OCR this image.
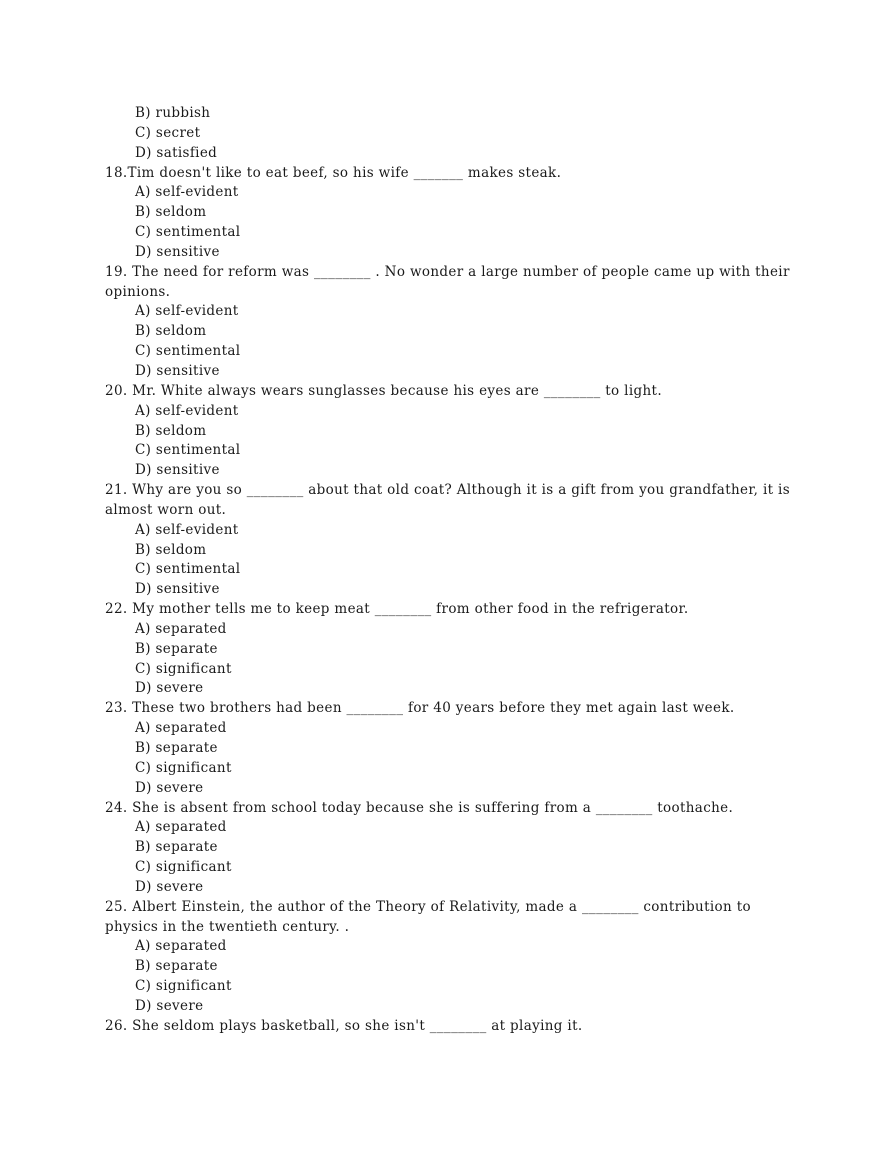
B) rubbish
C) secret
D) satisfied
18.Tim doesn't like to eat beef, so his wife _______ makes steak.
A) self-evident
B) seldom
C) sentimental
D) sensitive
19. The need for reform was ________ . No wonder a large number of people came up with their opinions.
A) self-evident
B) seldom
C) sentimental
D) sensitive
20. Mr. White always wears sunglasses because his eyes are ________ to light.
A) self-evident
B) seldom
C) sentimental
D) sensitive
21. Why are you so ________ about that old coat? Although it is a gift from you grandfather, it is almost worn out.
A) self-evident
B) seldom
C) sentimental
D) sensitive
22. My mother tells me to keep meat ________ from other food in the refrigerator.
A) separated
B) separate
C) significant
D) severe
23. These two brothers had been ________ for 40 years before they met again last week.
A) separated
B) separate
C) significant
D) severe
24. She is absent from school today because she is suffering from a ________ toothache.
A) separated
B) separate
C) significant
D) severe
25. Albert Einstein, the author of the Theory of Relativity, made a ________ contribution to physics in the twentieth century. .
A) separated
B) separate
C) significant
D) severe
26. She seldom plays basketball, so she isn't ________ at playing it.
